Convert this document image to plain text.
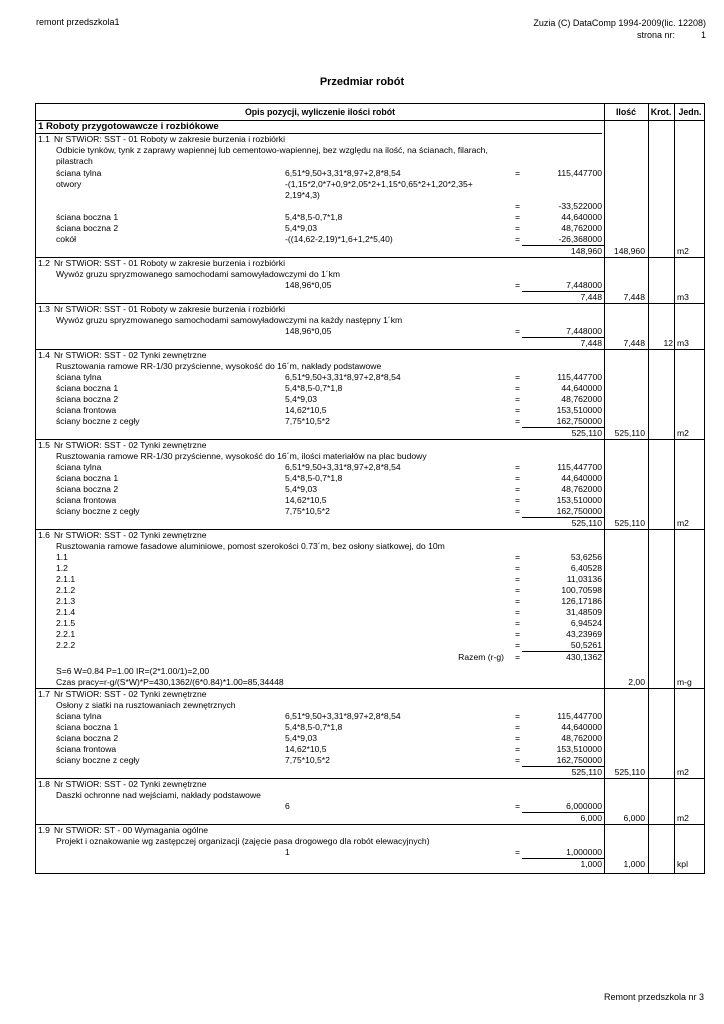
remont przedszkola1	Zuzia (C) DataComp 1994-2009(lic. 12208)
strona nr:	1
Przedmiar robót
Opis pozycji, wyliczenie ilości robót	Ilość	Krot. Jedn.
1 Roboty przygotowawcze i rozbiókowe
1.1 Nr STWiOR: SST - 01 Roboty w zakresie burzenia i rozbiórki
Odbicie tynków, tynk z zaprawy wapiennej lub cementowo-wapiennej, bez względu na ilość, na ścianach, filarach,
pilastrach
ściana tylna	6,51*9,50+3,31*8,97+2,8*8,54	=	115,447700
otwory	-(1,15*2,0*7+0,9*2,05*2+1,15*0,65*2+1,20*2,35+
2,19*4,3)
=	-33,522000
ściana boczna 1	5,4*8,5-0,7*1,8	=	44,640000
ściana boczna 2	5,4*9,03	=	48,762000
cokół	-((14,62-2,19)*1,6+1,2*5,40)	=	-26,368000
148,960 148,960	m2
1.2 Nr STWiOR: SST - 01 Roboty w zakresie burzenia i rozbiórki
Wywóz gruzu spryzmowanego samochodami samowyładowczymi do 1´km
148,96*0,05	=	7,448000
7,448 7,448	m3
1.3 Nr STWiOR: SST - 01 Roboty w zakresie burzenia i rozbiórki
Wywóz gruzu spryzmowanego samochodami samowyładowczymi na każdy następny 1´km
148,96*0,05	=	7,448000
7,448 7,448 12 m3
1.4 Nr STWiOR: SST - 02 Tynki zewnętrzne
Rusztowania ramowe RR-1/30 przyścienne, wysokość do 16´m, nakłady podstawowe
ściana tylna	6,51*9,50+3,31*8,97+2,8*8,54	=	115,447700
ściana boczna 1	5,4*8,5-0,7*1,8	=	44,640000
ściana boczna 2	5,4*9,03	=	48,762000
ściana frontowa	14,62*10,5	=	153,510000
ściany boczne z cegły	7,75*10,5*2	=	162,750000
525,110 525,110	m2
1.5 Nr STWiOR: SST - 02 Tynki zewnętrzne
Rusztowania ramowe RR-1/30 przyścienne, wysokość do 16´m, ilości materiałów na plac budowy
ściana tylna	6,51*9,50+3,31*8,97+2,8*8,54	=	115,447700
ściana boczna 1	5,4*8,5-0,7*1,8	=	44,640000
ściana boczna 2	5,4*9,03	=	48,762000
ściana frontowa	14,62*10,5	=	153,510000
ściany boczne z cegły	7,75*10,5*2	=	162,750000
525,110 525,110	m2
1.6 Nr STWiOR: SST - 02 Tynki zewnętrzne
Rusztowania ramowe fasadowe aluminiowe, pomost szerokości 0.73´m, bez osłony siatkowej, do 10m
1.1	=	53,6256
1.2	=	6,40528
2.1.1	=	11,03136
2.1.2	=	100,70598
2.1.3	=	126,17186
2.1.4	=	31,48509
2.1.5	=	6,94524
2.2.1	=	43,23969
2.2.2	=	50,5261
Razem (r-g) =	430,1362
S=6 W=0.84 P=1.00 IR=(2*1.00/1)=2,00
Czas pracy=r-g/(S*W)*P=430,1362/(6*0.84)*1.00=85,34448	2,00	m-g
1.7 Nr STWiOR: SST - 02 Tynki zewnętrzne
Osłony z siatki na rusztowaniach zewnętrznych
ściana tylna	6,51*9,50+3,31*8,97+2,8*8,54	=	115,447700
ściana boczna 1	5,4*8,5-0,7*1,8	=	44,640000
ściana boczna 2	5,4*9,03	=	48,762000
ściana frontowa	14,62*10,5	=	153,510000
ściany boczne z cegły	7,75*10,5*2	=	162,750000
525,110 525,110	m2
1.8 Nr STWiOR: SST - 02 Tynki zewnętrzne
Daszki ochronne nad wejściami, nakłady podstawowe
6	=	6,000000
6,000 6,000	m2
1.9 Nr STWiOR: ST - 00 Wymagania ogólne
Projekt i oznakowanie wg zastępczej organizacji (zajęcie pasa drogowego dla robót elewacyjnych)
1	=	1,000000
1,000 1,000	kpl
Remont przedszkola nr 3
